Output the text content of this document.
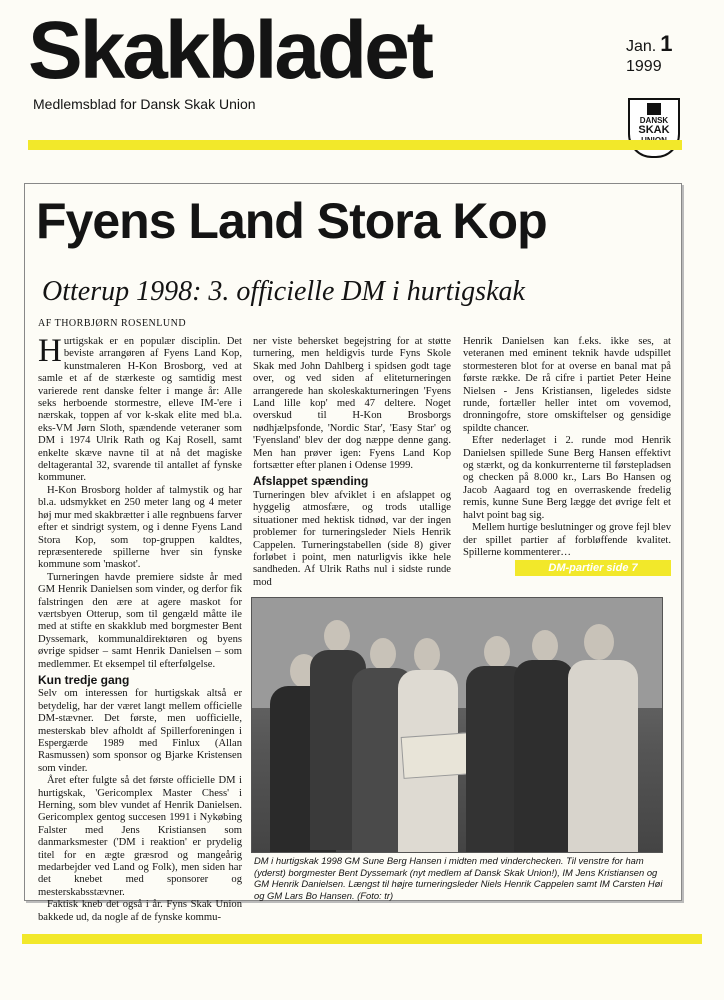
Skakbladet
Medlemsblad for Dansk Skak Union
Jan. 1
1999
DANSK
SKAK
Fyens Land Stora Kop
Otterup 1998: 3. officielle DM i hurtigskak
AF THORBJØRN ROSENLUND

Hurtigskak er en populær disciplin. Det beviste arrangøren af Fyens Land Kop, kunstmaleren H-Kon Brosborg, ved at samle et af de stærkeste og samtidig mest varierede rent danske felter i mange år: Alle seks herboende stormestre, ellevе IM-'ere i nærskak, toppen af vor k-skak elite med bl.a. eks-VM Jørn Sloth, spændende veteraner som DM i 1974 Ulrik Rath og Kaj Rosell, samt enkelte skæve navne til at nå det magiske deltagerantal 32, svarende til antallet af fynske kommuner.

H-Kon Brosborg holder af talmystik og har bl.a. udsmykket en 250 meter lang og 4 meter høj mur med skakbrætter i alle regnbuens farver efter et sindrigt system, og i denne Fyens Land Stora Kop, som top-gruppen kaldtes, repræsenterede spillerne hver sin fynske kommune som 'maskot'.

Turneringen havde premiere sidste år med GM Henrik Danielsen som vinder, og derfor fik falstringen den ære at agere maskot for værtsbyen Otterup, som til gengæld måtte ile med at stifte en skakklub med borgmester Bent Dyssemark, kommunaldirektøren og byens øvrige spidser – samt Henrik Danielsen – som medlemmer. Et eksempel til efterfølgelse.

Kun tredje gang

Selv om interessen for hurtigskak altså er betydelig, har der været langt mellem officielle DM-stævner. Det første, men uofficielle, mesterskab blev afholdt af Spillerforeningen i Espergærde 1989 med Finlux (Allan Rasmussen) som sponsor og Bjarke Kristensen som vinder.

Året efter fulgte så det første officielle DM i hurtigskak, 'Gericomplex Master Chess' i Herning, som blev vundet af Henrik Danielsen. Gericomplex gentog succesen 1991 i Nykøbing Falster med Jens Kristiansen som danmarksmester ('DM i reaktion' er prydelig titel for en ægte græsrod og mangeårig medarbejder ved Land og Folk), men siden har det knebet med sponsorer og mesterskabsstævner.

Faktisk kneb det også i år. Fyns Skak Union bakkede ud, da nogle af de fynske kommu-

ner viste behersket begejstring for at støtte turnering, men heldigvis turde Fyns Skole Skak med John Dahlberg i spidsen godt tage over, og ved siden af eliteturneringen arrangerede han skoleskakturneringen 'Fyens Land lille kop' med 47 deltere. Noget overskud til H-Kon Brosborgs nødhjælpsfonde, 'Nordic Star', 'Easy Star' og 'Fyensland' blev der dog næppe denne gang. Men han prøver igen: Fyens Land Kop fortsætter efter planen i Odense 1999.

Afslappet spænding

Turneringen blev afviklet i en afslappet og hyggelig atmosfære, og trods utallige situationer med hektisk tidnød, var der ingen problemer for turneringsleder Niels Henrik Cappelen. Turneringstabellen (side 8) giver forløbet i point, men naturligvis ikke hele sandheden. Af Ulrik Raths nul i sidste runde mod

Henrik Danielsen kan f.eks. ikke ses, at veteranen med eminent teknik havde udspillet stormesteren blot for at overse en banal mat på første række. De rå cifre i partiet Peter Heine Nielsen - Jens Kristiansen, ligeledes sidste runde, fortæller heller intet om vovemod, dronningofre, store omskiftelser og gensidige spildte chancer.

Efter nederlaget i 2. runde mod Henrik Danielsen spillede Sune Berg Hansen effektivt og stærkt, og da konkurrenterne til førstepladsen og checken på 8.000 kr., Lars Bo Hansen og Jacob Aagaard tog en overraskende fredelig remis, kunne Sune Berg lægge det øvrige felt et halvt point bag sig.

Mellem hurtige beslutninger og grove fejl blev der spillet partier af forbløffende kvalitet. Spillerne kommenterer…

DM-partier side 7
DM i hurtigskak 1998 GM Sune Berg Hansen i midten med vinderchecken. Til venstre for ham (yderst) borgmester Bent Dyssemark (nyt medlem af Dansk Skak Union!), IM Jens Kristiansen og GM Henrik Danielsen. Længst til højre turneringsleder Niels Henrik Cappelen samt IM Carsten Høi og GM Lars Bo Hansen. (Foto: tr)
